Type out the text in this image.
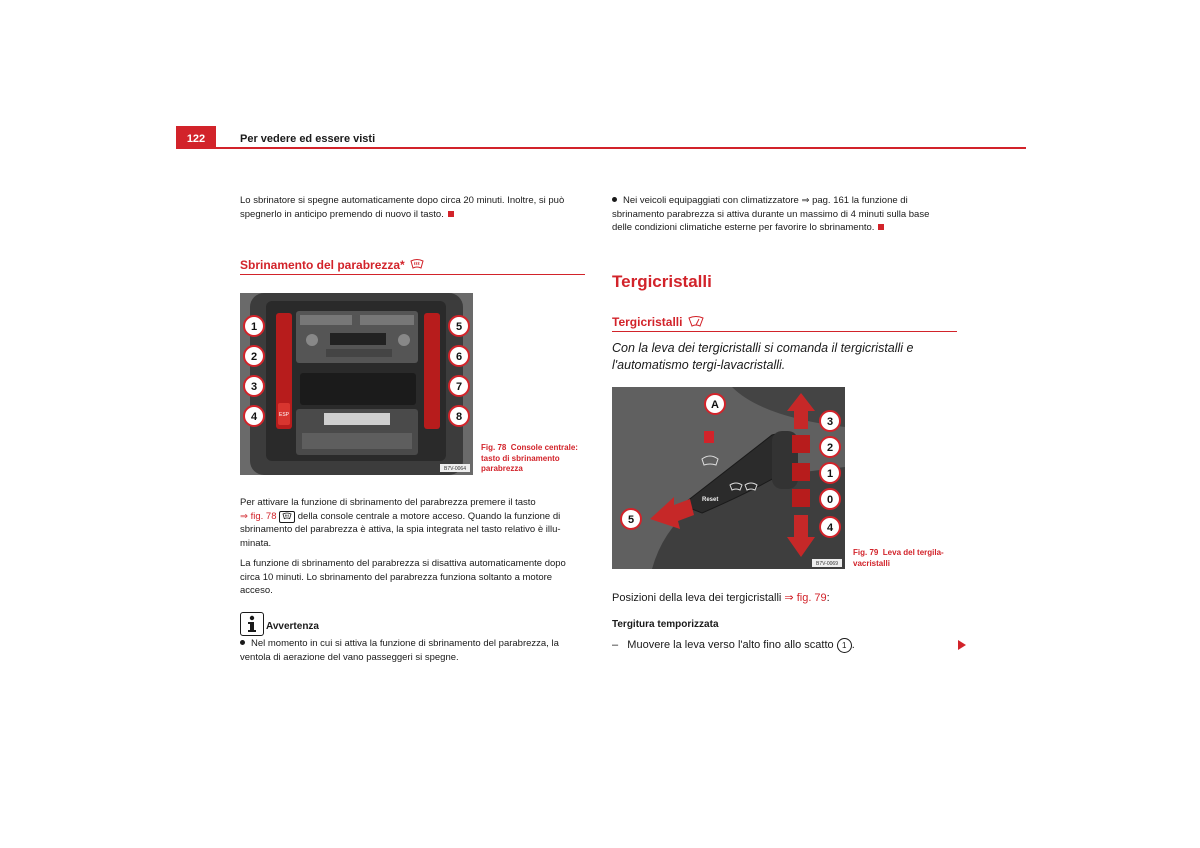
122	Per vedere ed essere visti
Lo sbrinatore si spegne automaticamente dopo circa 20 minuti. Inoltre, si può spegnerlo in anticipo premendo di nuovo il tasto.
Sbrinamento del parabrezza*
1
2
3
4
5
6
7
8
ESP
B7V-0064
Fig. 78 Console centrale:
tasto di sbrinamento
parabrezza
Per attivare la funzione di sbrinamento del parabrezza premere il tasto
⇒ fig. 78 della console centrale a motore acceso. Quando la funzione di
sbrinamento del parabrezza è attiva, la spia integrata nel tasto relativo è illu-
minata.
La funzione di sbrinamento del parabrezza si disattiva automaticamente dopo circa 10 minuti. Lo sbrinamento del parabrezza funziona soltanto a motore acceso.
Avvertenza
Nel momento in cui si attiva la funzione di sbrinamento del parabrezza, la ventola di aerazione del vano passeggeri si spegne.
Nei veicoli equipaggiati con climatizzatore ⇒ pag. 161 la funzione di
sbrinamento parabrezza si attiva durante un massimo di 4 minuti sulla base
delle condizioni climatiche esterne per favorire lo sbrinamento.
Tergicristalli
Tergicristalli
Con la leva dei tergicristalli si comanda il tergicristalli e
l'automatismo tergi-lavacristalli.
Reset
A
3
2
1
0
4
5
B7V-0069
Fig. 79 Leva del tergila-
vacristalli
Posizioni della leva dei tergicristalli ⇒ fig. 79:
Tergitura temporizzata
– Muovere la leva verso l'alto fino allo scatto 1 .
